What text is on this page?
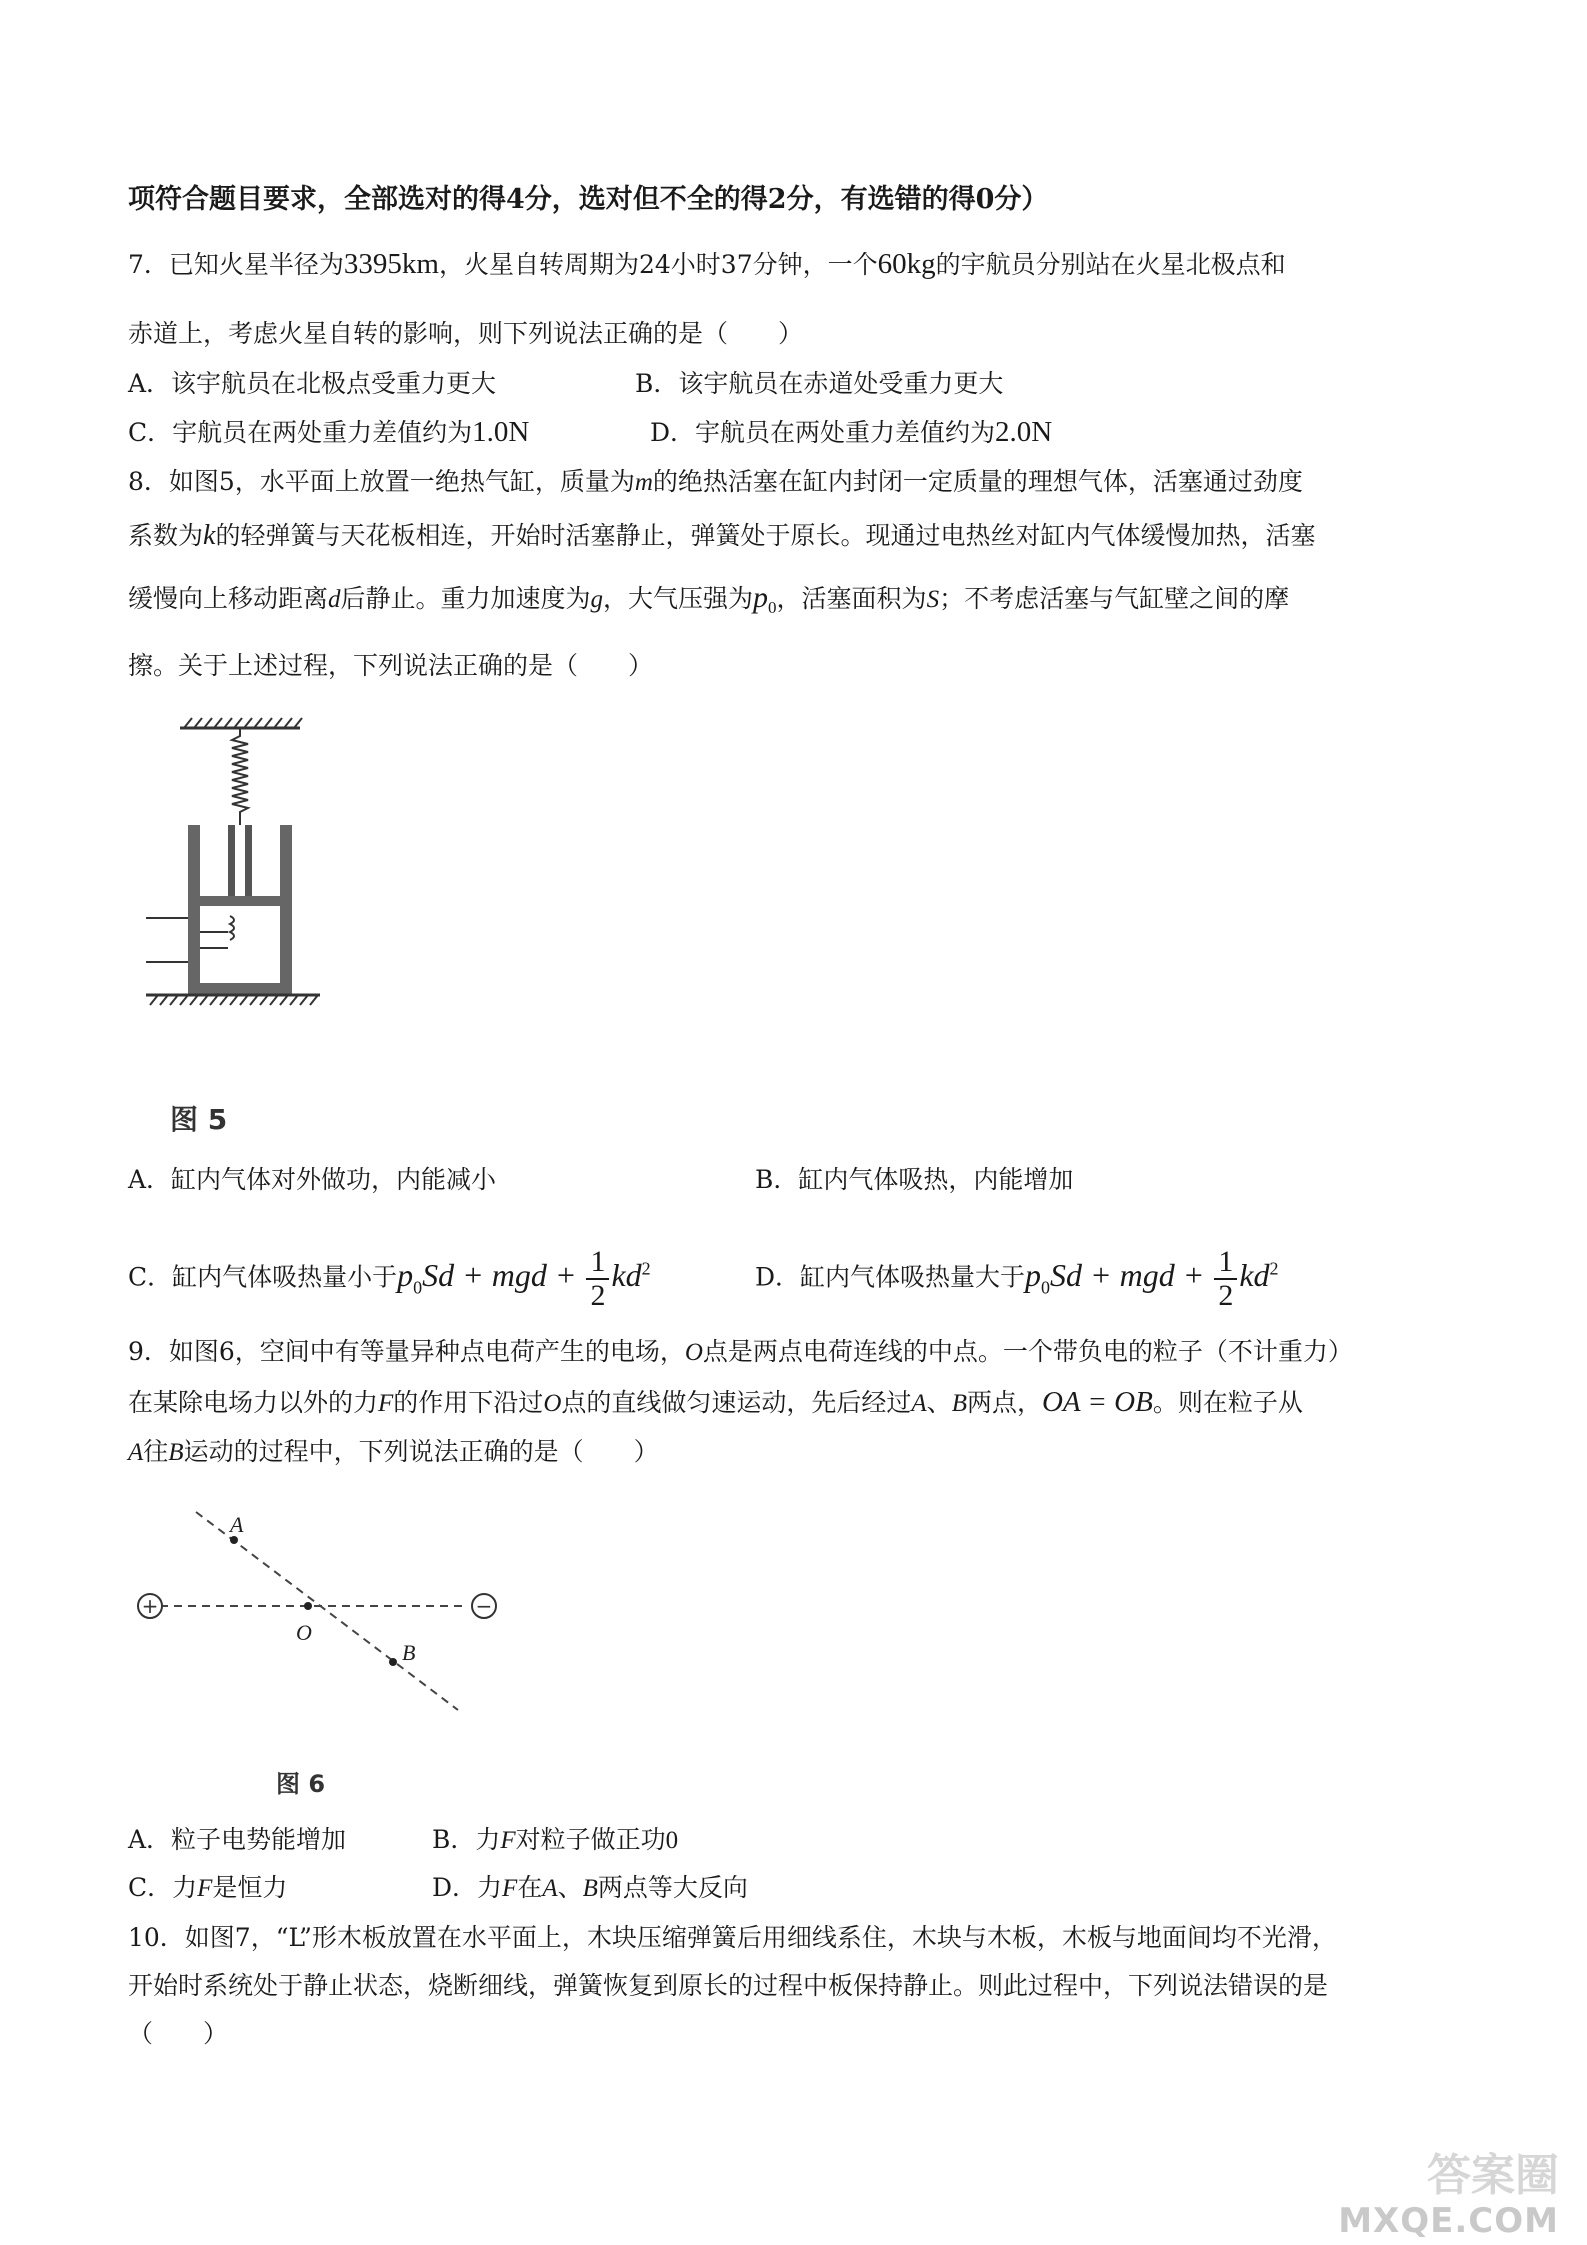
项符合题目要求，全部选对的得4分，选对但不全的得2分，有选错的得0分）
7．已知火星半径为3395km，火星自转周期为24小时37分钟，一个60kg的宇航员分别站在火星北极点和
赤道上，考虑火星自转的影响，则下列说法正确的是（　　）
A．该宇航员在北极点受重力更大	B．该宇航员在赤道处受重力更大
C．宇航员在两处重力差值约为1.0N	D．宇航员在两处重力差值约为2.0N
8．如图5，水平面上放置一绝热气缸，质量为m的绝热活塞在缸内封闭一定质量的理想气体，活塞通过劲度
系数为k的轻弹簧与天花板相连，开始时活塞静止，弹簧处于原长。现通过电热丝对缸内气体缓慢加热，活塞
缓慢向上移动距离d后静止。重力加速度为g，大气压强为$p_0$，活塞面积为S；不考虑活塞与气缸壁之间的摩
擦。关于上述过程，下列说法正确的是（　　）
图 5
A．缸内气体对外做功，内能减小	B．缸内气体吸热，内能增加
C．缸内气体吸热量小于$p_0Sd$ + mgd + $\frac{1}{2} kd^2$	D．缸内气体吸热量大于$p_0Sd$ + mgd + $\frac{1}{2} kd^2$
9．如图6，空间中有等量异种点电荷产生的电场，O点是两点电荷连线的中点。一个带负电的粒子（不计重力）
在某除电场力以外的力F的作用下沿过O点的直线做匀速运动，先后经过A、B两点，OA = OB。则在粒子从
A往B运动的过程中，下列说法正确的是（　　）
+	−
A
O
B
图 6
A．粒子电势能增加	B．力F对粒子做正功0
C．力F是恒力	D．力F在A、B两点等大反向
10．如图7，“L”形木板放置在水平面上，木块压缩弹簧后用细线系住，木块与木板，木板与地面间均不光滑，
开始时系统处于静止状态，烧断细线，弹簧恢复到原长的过程中板保持静止。则此过程中，下列说法错误的是
（　　）
答案圈
MXQE.COM
